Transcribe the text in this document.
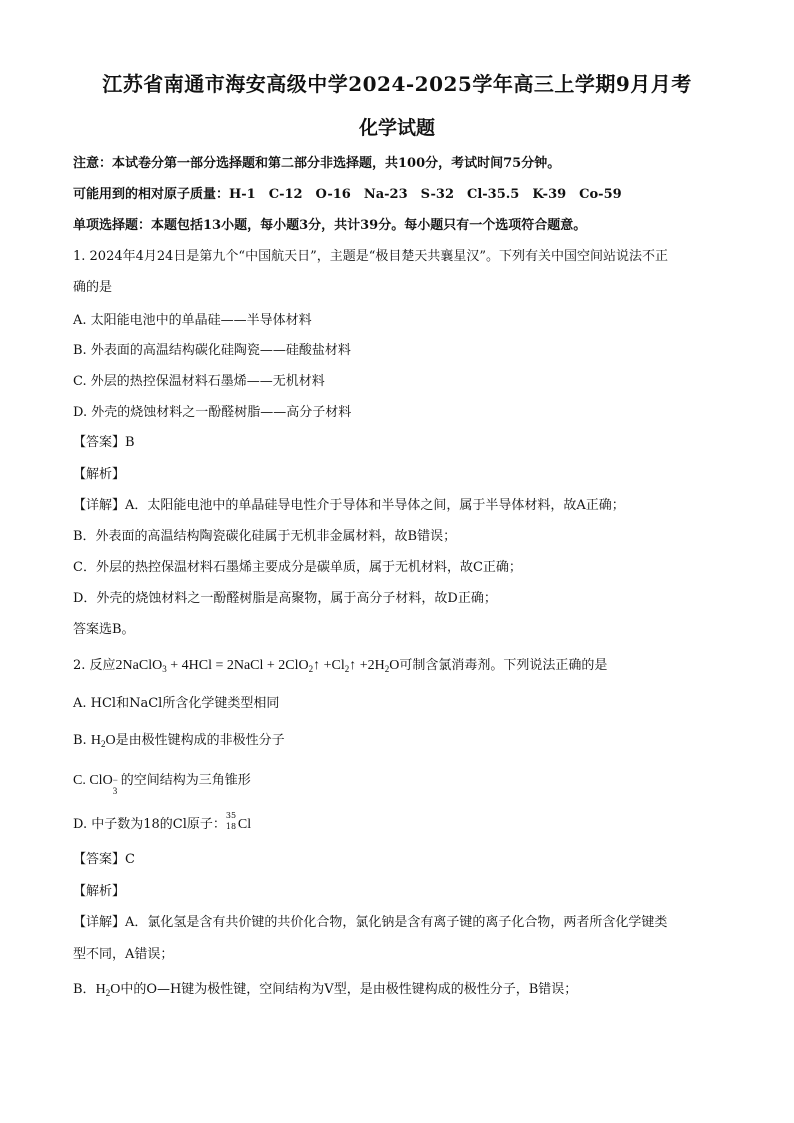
江苏省南通市海安高级中学2024-2025学年高三上学期9月月考
化学试题
注意：本试卷分第一部分选择题和第二部分非选择题，共100分，考试时间75分钟。
可能用到的相对原子质量：H-1　C-12　O-16　Na-23　S-32　Cl-35.5　K-39　Co-59
单项选择题：本题包括13小题，每小题3分，共计39分。每小题只有一个选项符合题意。
1. 2024年4月24日是第九个“中国航天日”，主题是“极目楚天共襄星汉”。下列有关中国空间站说法不正
确的是
A. 太阳能电池中的单晶硅——半导体材料
B. 外表面的高温结构碳化硅陶瓷——硅酸盐材料
C. 外层的热控保温材料石墨烯——无机材料
D. 外壳的烧蚀材料之一酚醛树脂——高分子材料
【答案】B
【解析】
【详解】A．太阳能电池中的单晶硅导电性介于导体和半导体之间，属于半导体材料，故A正确；
B．外表面的高温结构陶瓷碳化硅属于无机非金属材料，故B错误；
C．外层的热控保温材料石墨烯主要成分是碳单质，属于无机材料，故C正确；
D．外壳的烧蚀材料之一酚醛树脂是高聚物，属于高分子材料，故D正确；
答案选B。
2. 反应2NaClO$_3$ + 4HCl = 2NaCl + 2ClO$_2$↑ $+Cl_2↑ +2H_2O$可制含氯消毒剂。下列说法正确的是
A. HCl和NaCl所含化学键类型相同
B. $H_2O$是由极性键构成的非极性分子
C. ClO −
3
的空间结构为三角锥形
D. 中子数为18的Cl原子：
35
18 Cl
【答案】C
【解析】
【详解】A．氯化氢是含有共价键的共价化合物，氯化钠是含有离子键的离子化合物，两者所含化学键类
型不同，A错误；
B．$H_2O$中的O—H键为极性键，空间结构为V型，是由极性键构成的极性分子，B错误；
